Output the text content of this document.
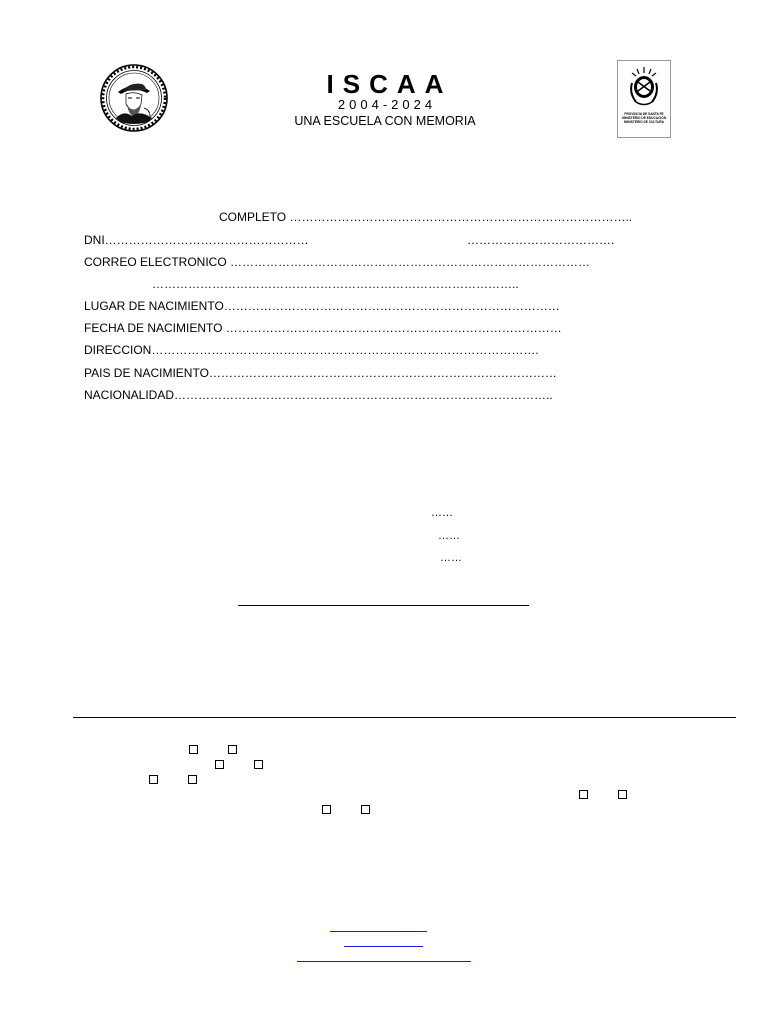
ISCAA
2004-2024
UNA ESCUELA CON MEMORIA	PROVINCIA DE SANTA FE
MINISTERIO DE EDUCACIÓN
MINISTERIO DE CULTURA
COMPLETO …………………………………………………………………………..
DNI……………………………………………	……………………………….
CORREO ELECTRONICO ………………………………………………………………………………
………………………………………………………………………………..
LUGAR DE NACIMIENTO…………………………………………………………………………
FECHA DE NACIMIENTO …………………………………………………………………………
DIRECCION…………………………………………………………………………………….
PAIS DE NACIMIENTO……………………………………………………………………………
NACIONALIDAD…………………………………………………………………………………..
……
……
……
